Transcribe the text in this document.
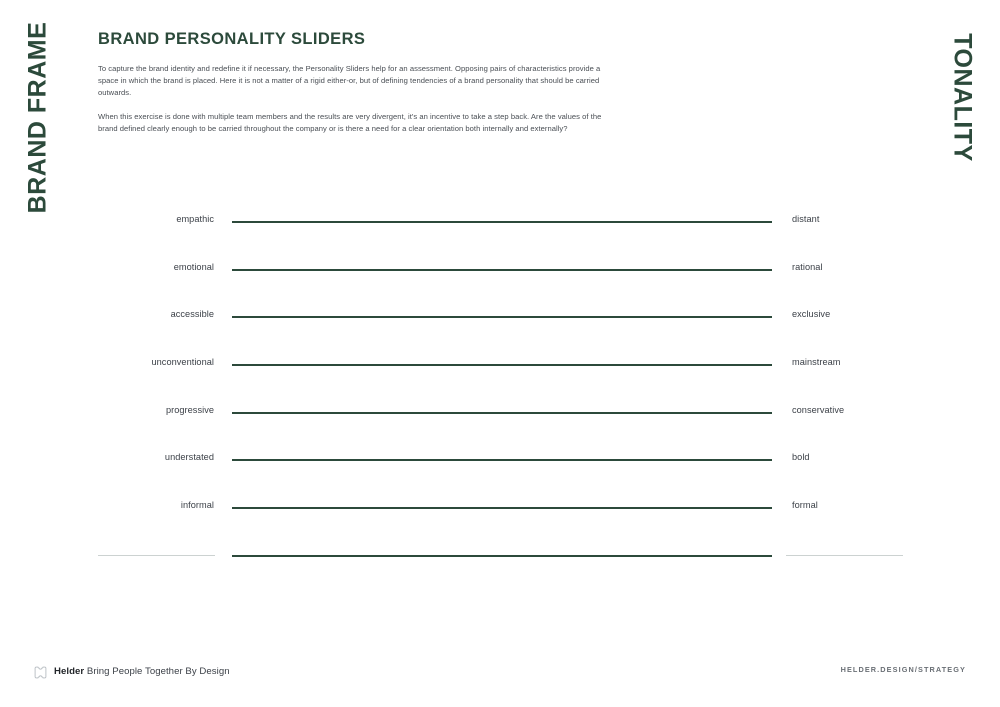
BRAND FRAME	TONALITY
BRAND PERSONALITY SLIDERS

To capture the brand identity and redefine it if necessary, the Personality Sliders help for an assessment. Opposing pairs of characteristics provide a space in which the brand is placed. Here it is not a matter of a rigid either-or, but of defining tendencies of a brand personality that should be carried outwards.

When this exercise is done with multiple team members and the results are very divergent, it's an incentive to take a step back. Are the values of the brand defined clearly enough to be carried throughout the company or is there a need for a clear orientation both internally and externally?

empathic	distant
emotional	rational
accessible	exclusive
unconventional	mainstream
progressive	conservative
understated	bold
informal	formal
Helder Bring People Together By Design	HELDER.DESIGN/STRATEGY
